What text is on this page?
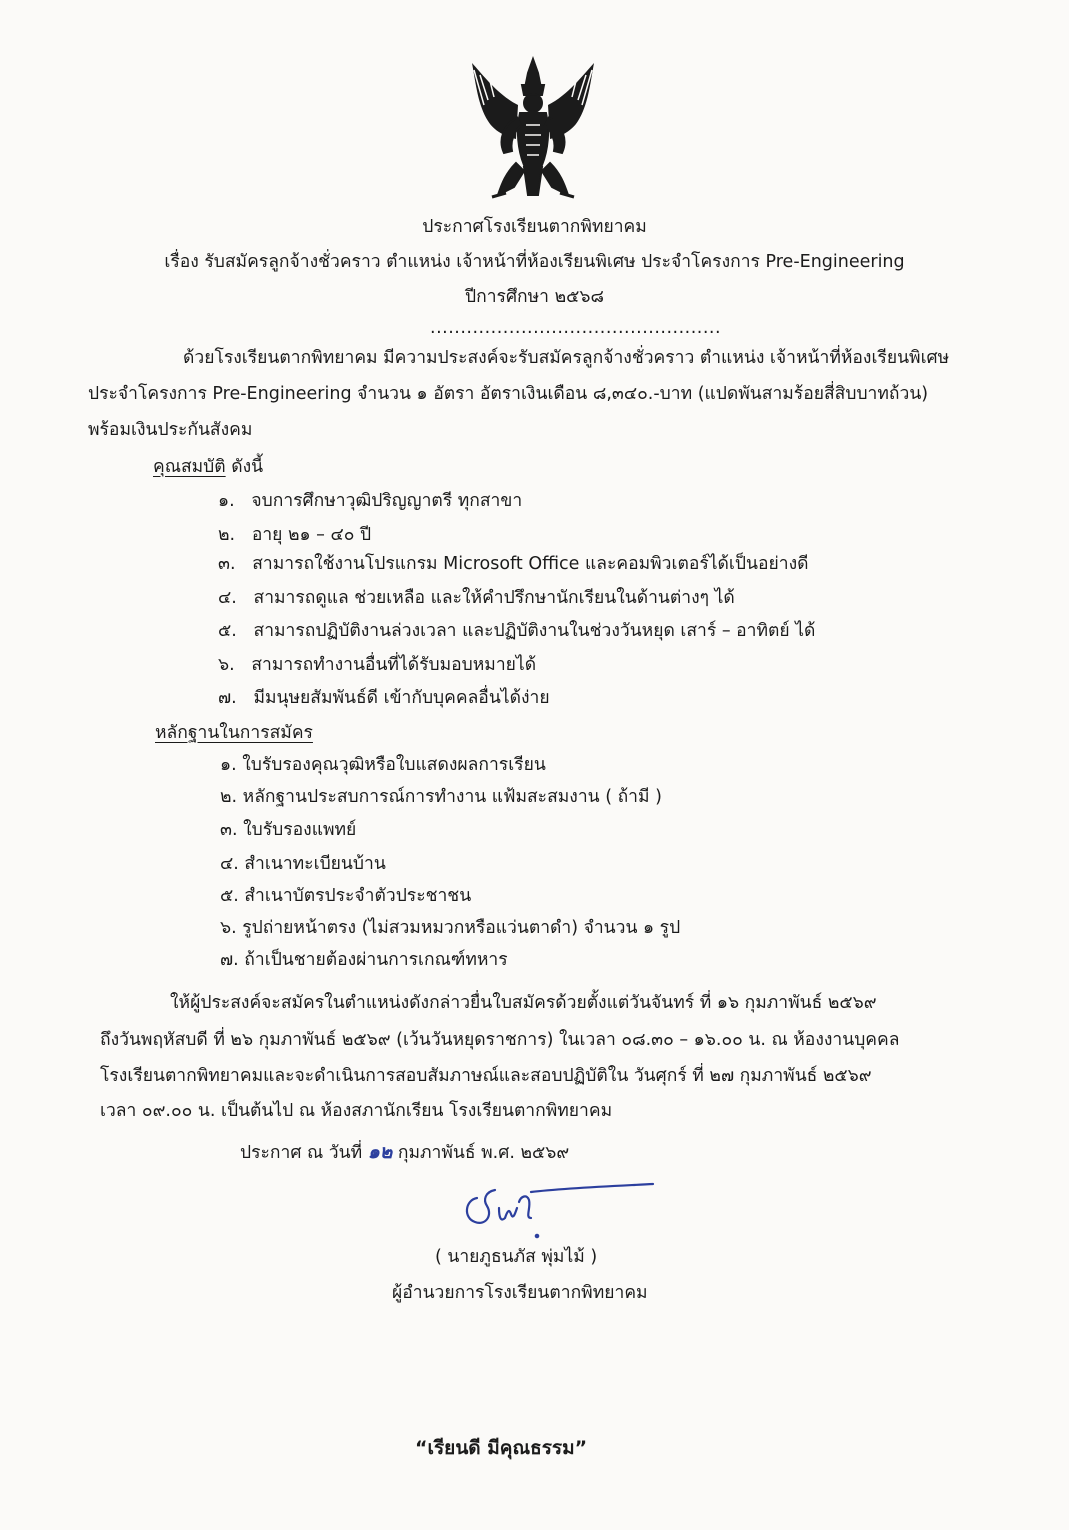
ประกาศโรงเรียนตากพิทยาคม
เรื่อง รับสมัครลูกจ้างชั่วคราว ตำแหน่ง เจ้าหน้าที่ห้องเรียนพิเศษ ประจำโครงการ Pre-Engineering
ปีการศึกษา ๒๕๖๘
................................................
ด้วยโรงเรียนตากพิทยาคม มีความประสงค์จะรับสมัครลูกจ้างชั่วคราว ตำแหน่ง เจ้าหน้าที่ห้องเรียนพิเศษ
ประจำโครงการ Pre-Engineering จำนวน ๑ อัตรา อัตราเงินเดือน ๘,๓๔๐.-บาท (แปดพันสามร้อยสี่สิบบาทถ้วน)
พร้อมเงินประกันสังคม
คุณสมบัติ ดังนี้
๑. จบการศึกษาวุฒิปริญญาตรี ทุกสาขา
๒. อายุ ๒๑ – ๔๐ ปี
๓. สามารถใช้งานโปรแกรม Microsoft Office และคอมพิวเตอร์ได้เป็นอย่างดี
๔. สามารถดูแล ช่วยเหลือ และให้คำปรึกษานักเรียนในด้านต่างๆ ได้
๕. สามารถปฏิบัติงานล่วงเวลา และปฏิบัติงานในช่วงวันหยุด เสาร์ – อาทิตย์ ได้
๖. สามารถทำงานอื่นที่ได้รับมอบหมายได้
๗. มีมนุษยสัมพันธ์ดี เข้ากับบุคคลอื่นได้ง่าย
หลักฐานในการสมัคร
๑. ใบรับรองคุณวุฒิหรือใบแสดงผลการเรียน
๒. หลักฐานประสบการณ์การทำงาน แฟ้มสะสมงาน ( ถ้ามี )
๓. ใบรับรองแพทย์
๔. สำเนาทะเบียนบ้าน
๕. สำเนาบัตรประจำตัวประชาชน
๖. รูปถ่ายหน้าตรง (ไม่สวมหมวกหรือแว่นตาดำ) จำนวน ๑ รูป
๗. ถ้าเป็นชายต้องผ่านการเกณฑ์ทหาร
ให้ผู้ประสงค์จะสมัครในตำแหน่งดังกล่าวยื่นใบสมัครด้วยตั้งแต่วันจันทร์ ที่ ๑๖ กุมภาพันธ์ ๒๕๖๙
ถึงวันพฤหัสบดี ที่ ๒๖ กุมภาพันธ์ ๒๕๖๙ (เว้นวันหยุดราชการ) ในเวลา ๐๘.๓๐ – ๑๖.๐๐ น. ณ ห้องงานบุคคล
โรงเรียนตากพิทยาคมและจะดำเนินการสอบสัมภาษณ์และสอบปฏิบัติใน วันศุกร์ ที่ ๒๗ กุมภาพันธ์ ๒๕๖๙
เวลา ๐๙.๐๐ น. เป็นต้นไป ณ ห้องสภานักเรียน โรงเรียนตากพิทยาคม
ประกาศ ณ วันที่ ๑๒ กุมภาพันธ์ พ.ศ. ๒๕๖๙
( นายภูธนภัส พุ่มไม้ )
ผู้อำนวยการโรงเรียนตากพิทยาคม
“เรียนดี มีคุณธรรม”
